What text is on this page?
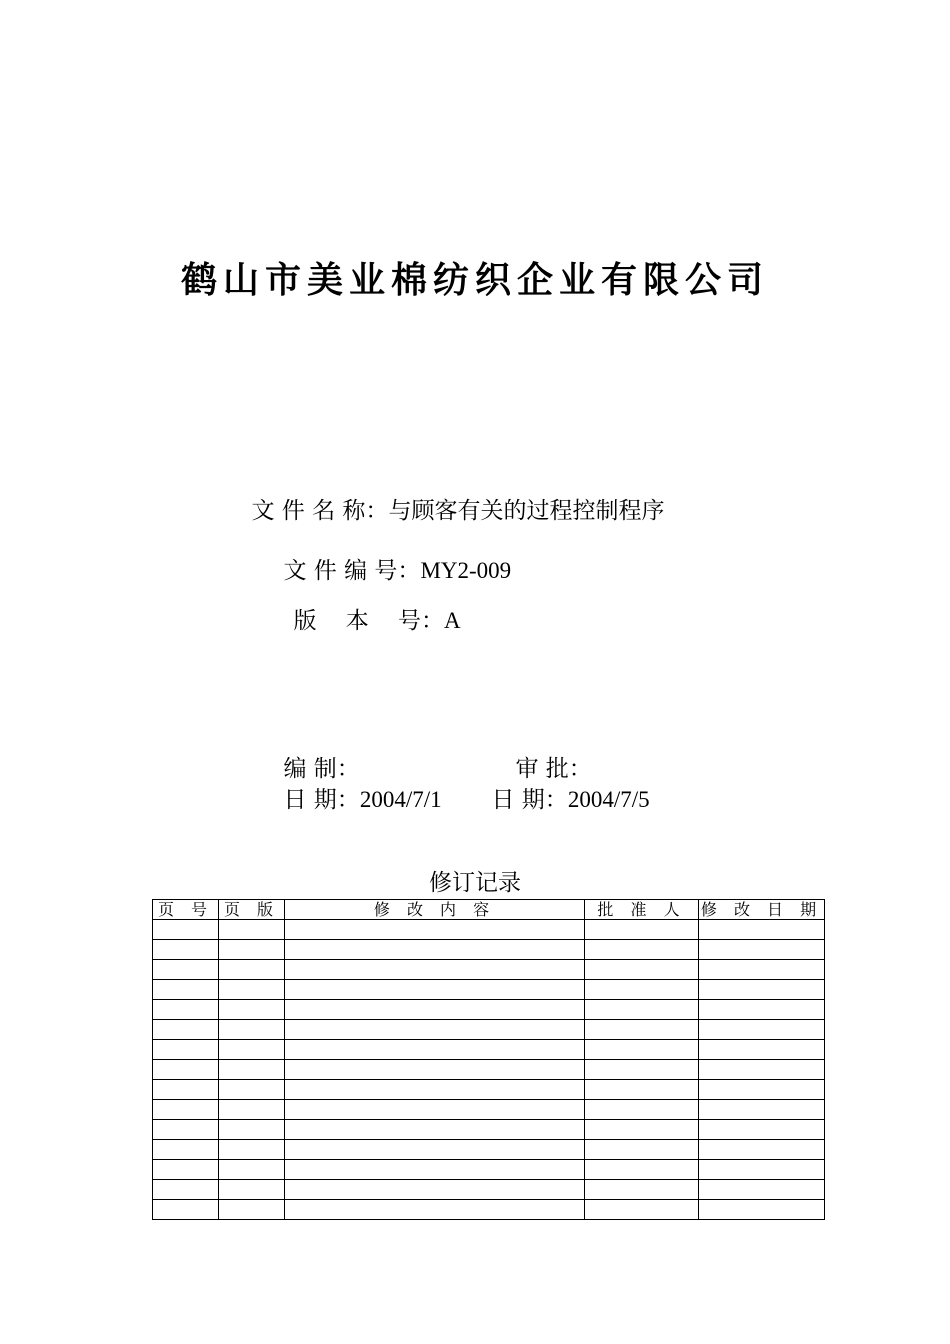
鹤山市美业棉纺织企业有限公司

文 件 名 称：与顾客有关的过程控制程序

文 件 编 号：MY2-009

版    本    号：A

编 制：	审 批：

日 期：2004/7/1	日 期：2004/7/5

修订记录
页 号	页 版	修 改 内 容	批 准 人	修 改 日 期
